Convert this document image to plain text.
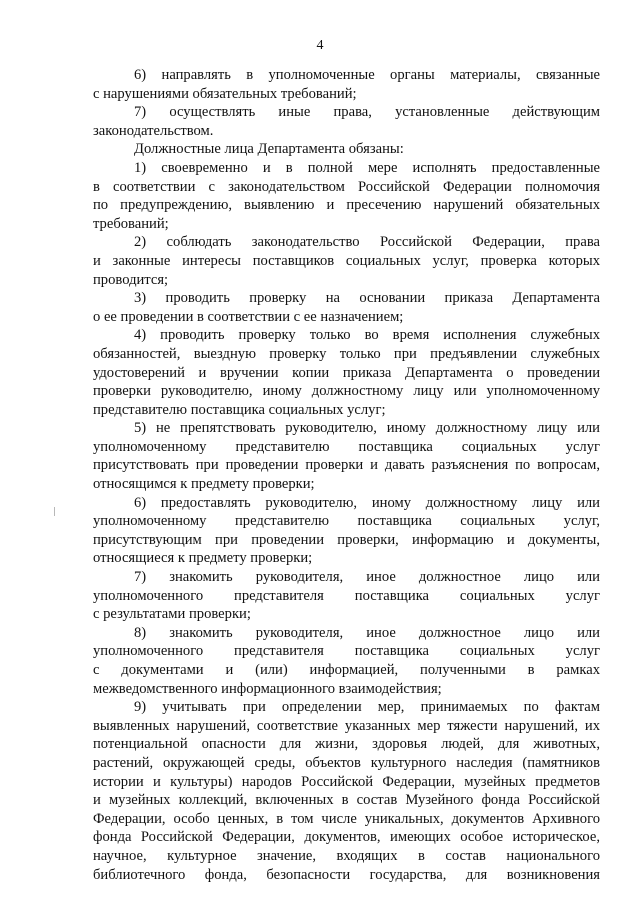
4
6) направлять в уполномоченные органы материалы, связанные
с нарушениями обязательных требований;
7) осуществлять иные права, установленные действующим
законодательством.
Должностные лица Департамента обязаны:
1) своевременно и в полной мере исполнять предоставленные
в соответствии с законодательством Российской Федерации полномочия
по предупреждению, выявлению и пресечению нарушений обязательных
требований;
2) соблюдать законодательство Российской Федерации, права
и законные интересы поставщиков социальных услуг, проверка которых
проводится;
3) проводить проверку на основании приказа Департамента
о ее проведении в соответствии с ее назначением;
4) проводить проверку только во время исполнения служебных
обязанностей, выездную проверку только при предъявлении служебных
удостоверений и вручении копии приказа Департамента о проведении
проверки руководителю, иному должностному лицу или уполномоченному
представителю поставщика социальных услуг;
5) не препятствовать руководителю, иному должностному лицу или
уполномоченному представителю поставщика социальных услуг
присутствовать при проведении проверки и давать разъяснения по вопросам,
относящимся к предмету проверки;
6) предоставлять руководителю, иному должностному лицу или
уполномоченному представителю поставщика социальных услуг,
присутствующим при проведении проверки, информацию и документы,
относящиеся к предмету проверки;
7) знакомить руководителя, иное должностное лицо или
уполномоченного представителя поставщика социальных услуг
с результатами проверки;
8) знакомить руководителя, иное должностное лицо или
уполномоченного представителя поставщика социальных услуг
с документами и (или) информацией, полученными в рамках
межведомственного информационного взаимодействия;
9) учитывать при определении мер, принимаемых по фактам
выявленных нарушений, соответствие указанных мер тяжести нарушений, их
потенциальной опасности для жизни, здоровья людей, для животных,
растений, окружающей среды, объектов культурного наследия (памятников
истории и культуры) народов Российской Федерации, музейных предметов
и музейных коллекций, включенных в состав Музейного фонда Российской
Федерации, особо ценных, в том числе уникальных, документов Архивного
фонда Российской Федерации, документов, имеющих особое историческое,
научное, культурное значение, входящих в состав национального
библиотечного фонда, безопасности государства, для возникновения
